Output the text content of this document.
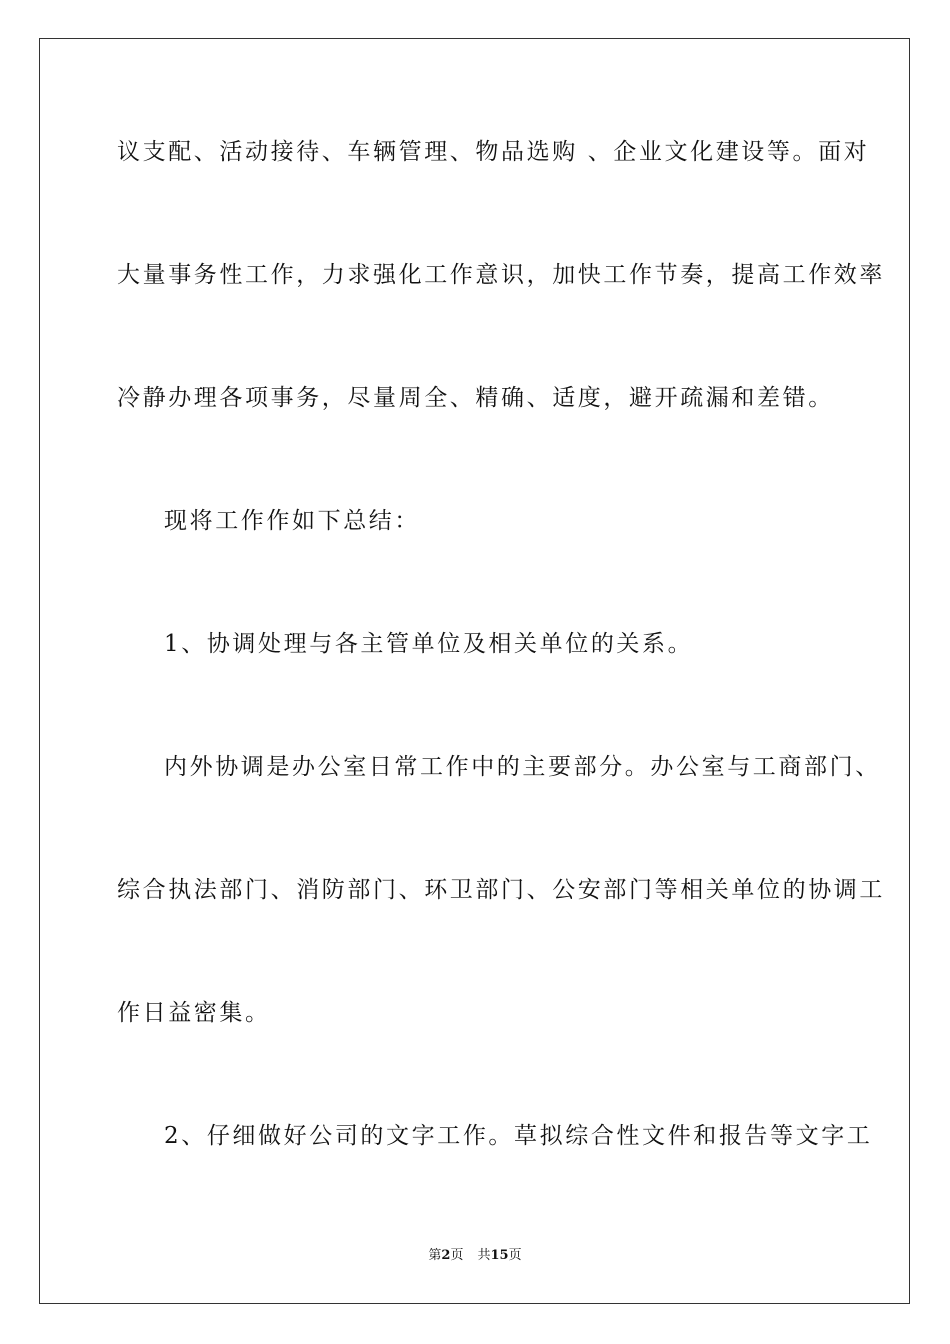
议支配、活动接待、车辆管理、物品选购 、企业文化建设等。面对
大量事务性工作，力求强化工作意识，加快工作节奏，提高工作效率
冷静办理各项事务，尽量周全、精确、适度，避开疏漏和差错。
现将工作作如下总结：
1、协调处理与各主管单位及相关单位的关系。
内外协调是办公室日常工作中的主要部分。办公室与工商部门、
综合执法部门、消防部门、环卫部门、公安部门等相关单位的协调工
作日益密集。
2、仔细做好公司的文字工作。草拟综合性文件和报告等文字工
第2页 共15页
